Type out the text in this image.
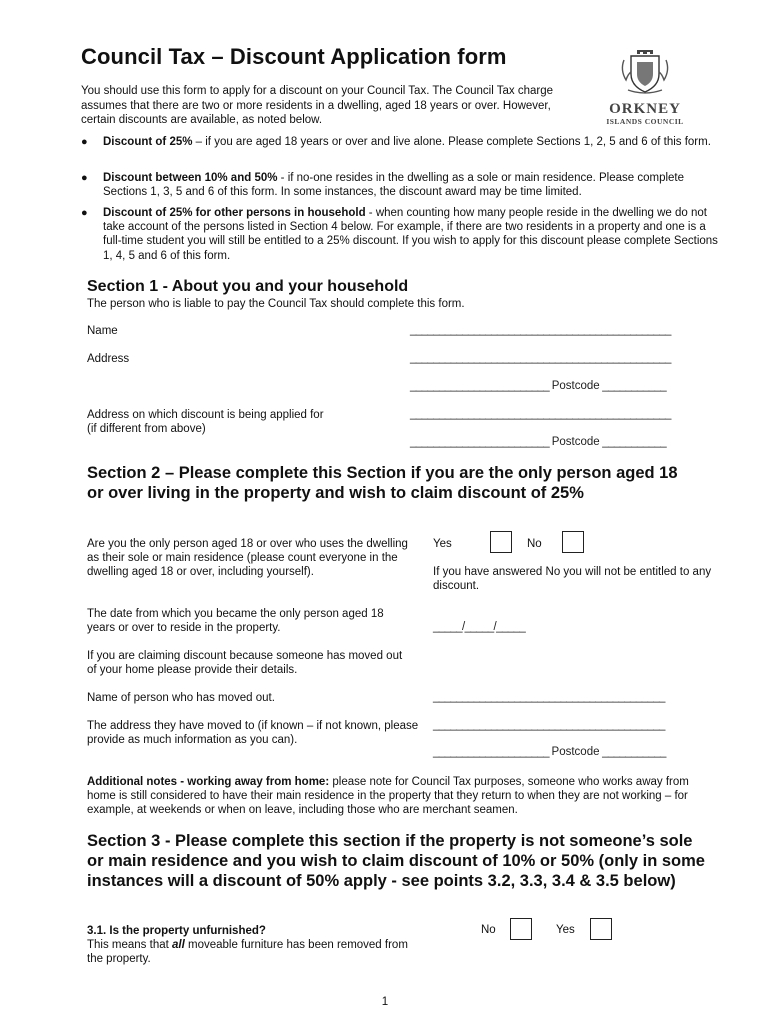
Council Tax – Discount Application form
You should use this form to apply for a discount on your Council Tax. The Council Tax charge assumes that there are two or more residents in a dwelling, aged 18 years or over. However, certain discounts are available, as noted below.
ORKNEY
ISLANDS COUNCIL
● Discount of 25% – if you are aged 18 years or over and live alone. Please complete Sections 1, 2, 5 and 6 of this form.
● Discount between 10% and 50% - if no-one resides in the dwelling as a sole or main residence. Please complete Sections 1, 3, 5 and 6 of this form. In some instances, the discount award may be time limited.
● Discount of 25% for other persons in household - when counting how many people reside in the dwelling we do not take account of the persons listed in Section 4 below. For example, if there are two residents in a property and one is a full-time student you will still be entitled to a 25% discount. If you wish to apply for this discount please complete Sections 1, 4, 5 and 6 of this form.
Section 1 - About you and your household
The person who is liable to pay the Council Tax should complete this form.
Name	_____________________________________________
Address	_____________________________________________
________________________ Postcode ___________
Address on which discount is being applied for
(if different from above)
_____________________________________________
________________________ Postcode ___________
Section 2 – Please complete this Section if you are the only person aged 18 or over living in the property and wish to claim discount of 25%
Are you the only person aged 18 or over who uses the dwelling as their sole or main residence (please count everyone in the dwelling aged 18 or over, including yourself).
Yes	No
If you have answered No you will not be entitled to any discount.
The date from which you became the only person aged 18 years or over to reside in the property.	_____/_____/_____
If you are claiming discount because someone has moved out of your home please provide their details.
Name of person who has moved out.	________________________________________
The address they have moved to (if known – if not known, please provide as much information as you can).
________________________________________
____________________ Postcode ___________
Additional notes - working away from home: please note for Council Tax purposes, someone who works away from home is still considered to have their main residence in the property that they return to when they are not working – for example, at weekends or when on leave, including those who are merchant seamen.
Section 3 - Please complete this section if the property is not someone’s sole or main residence and you wish to claim discount of 10% or 50% (only in some instances will a discount of 50% apply - see points 3.2, 3.3, 3.4 & 3.5 below)
3.1. Is the property unfurnished?
This means that all moveable furniture has been removed from the property.
No	Yes
1
